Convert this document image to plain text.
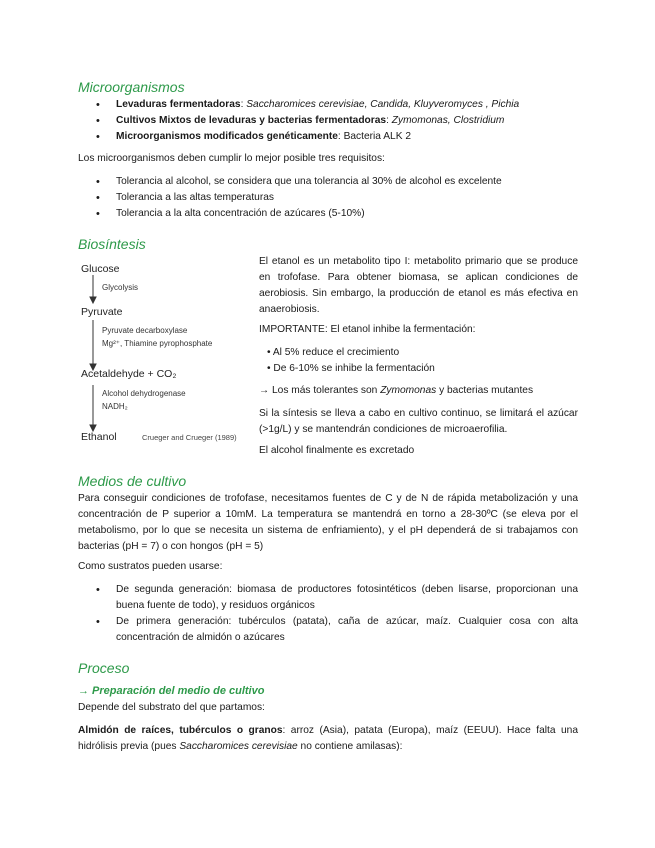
Microorganismos
• Levaduras fermentadoras: Saccharomices cerevisiae, Candida, Kluyveromyces , Pichia
• Cultivos Mixtos de levaduras y bacterias fermentadoras: Zymomonas, Clostridium
• Microorganismos modificados genéticamente: Bacteria ALK 2
Los microorganismos deben cumplir lo mejor posible tres requisitos:
• Tolerancia al alcohol, se considera que una tolerancia al 30% de alcohol es excelente
• Tolerancia a las altas temperaturas
• Tolerancia a la alta concentración de azúcares (5-10%)
Biosíntesis
Glucose
Glycolysis
Pyruvate
Pyruvate decarboxylase
Mg²⁺, Thiamine pyrophosphate
Acetaldehyde + CO₂
Alcohol dehydrogenase
NADH₂
Ethanol	Crueger and Crueger (1989)
El etanol es un metabolito tipo I: metabolito primario que se produce en trofofase. Para obtener biomasa, se aplican condiciones de aerobiosis. Sin embargo, la producción de etanol es más efectiva en anaerobiosis.
IMPORTANTE: El etanol inhibe la fermentación:
• Al 5% reduce el crecimiento
• De 6-10% se inhibe la fermentación
→ Los más tolerantes son Zymomonas y bacterias mutantes
Si la síntesis se lleva a cabo en cultivo continuo, se limitará el azúcar (>1g/L) y se mantendrán condiciones de microaerofilia.
El alcohol finalmente es excretado
Medios de cultivo
Para conseguir condiciones de trofofase, necesitamos fuentes de C y de N de rápida metabolización y una concentración de P superior a 10mM. La temperatura se mantendrá en torno a 28-30ºC (se eleva por el metabolismo, por lo que se necesita un sistema de enfriamiento), y el pH dependerá de si trabajamos con bacterias (pH = 7) o con hongos (pH = 5)
Como sustratos pueden usarse:
• De segunda generación: biomasa de productores fotosintéticos (deben lisarse, proporcionan una buena fuente de todo), y residuos orgánicos
• De primera generación: tubérculos (patata), caña de azúcar, maíz. Cualquier cosa con alta concentración de almidón o azúcares
Proceso
→ Preparación del medio de cultivo
Depende del substrato del que partamos:
Almidón de raíces, tubérculos o granos: arroz (Asia), patata (Europa), maíz (EEUU). Hace falta una hidrólisis previa (pues Saccharomices cerevisiae no contiene amilasas):
